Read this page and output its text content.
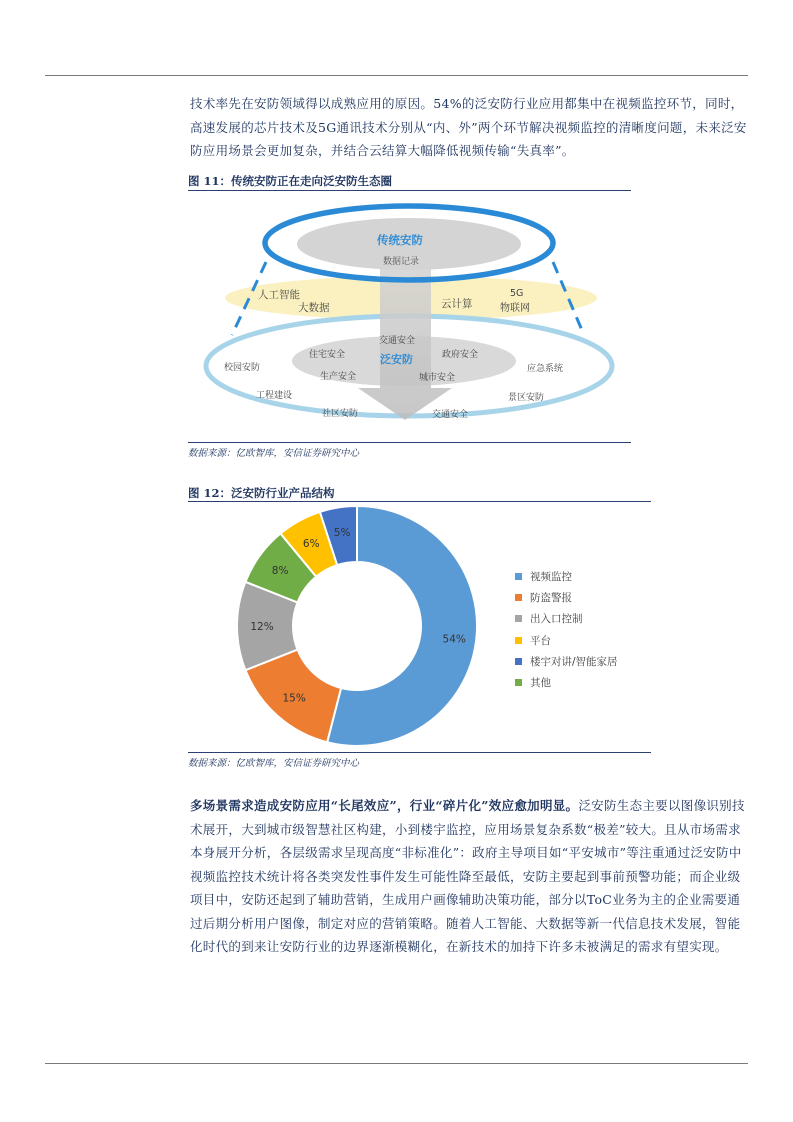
技术率先在安防领域得以成熟应用的原因。54%的泛安防行业应用都集中在视频监控环节，同时，高速发展的芯片技术及5G通讯技术分别从“内、外”两个环节解决视频监控的清晰度问题，未来泛安防应用场景会更加复杂，并结合云结算大幅降低视频传输“失真率”。

图 11：传统安防正在走向泛安防生态圈
传统安防
数据记录
人工智能
大数据	云计算
5G
物联网
交通安全
住宅安全	泛安防	政府安全
生产安全	城市安全
校园安防	应急系统
工程建设	景区安防
社区安防	交通安全
数据来源：亿欧智库，安信证券研究中心
图 12：泛安防行业产品结构
54%
15%
12%
8%
6%
5%
视频监控
防盗警报
出入口控制
平台
楼宇对讲/智能家居
其他
数据来源：亿欧智库，安信证券研究中心

多场景需求造成安防应用“长尾效应”，行业“碎片化”效应愈加明显。泛安防生态主要以图像识别技术展开，大到城市级智慧社区构建，小到楼宇监控，应用场景复杂系数“极差”较大。且从市场需求本身展开分析，各层级需求呈现高度“非标准化”：政府主导项目如“平安城市”等注重通过泛安防中视频监控技术统计将各类突发性事件发生可能性降至最低，安防主要起到事前预警功能；而企业级项目中，安防还起到了辅助营销，生成用户画像辅助决策功能，部分以ToC业务为主的企业需要通过后期分析用户图像，制定对应的营销策略。随着人工智能、大数据等新一代信息技术发展，智能化时代的到来让安防行业的边界逐渐模糊化，在新技术的加持下许多未被满足的需求有望实现。
